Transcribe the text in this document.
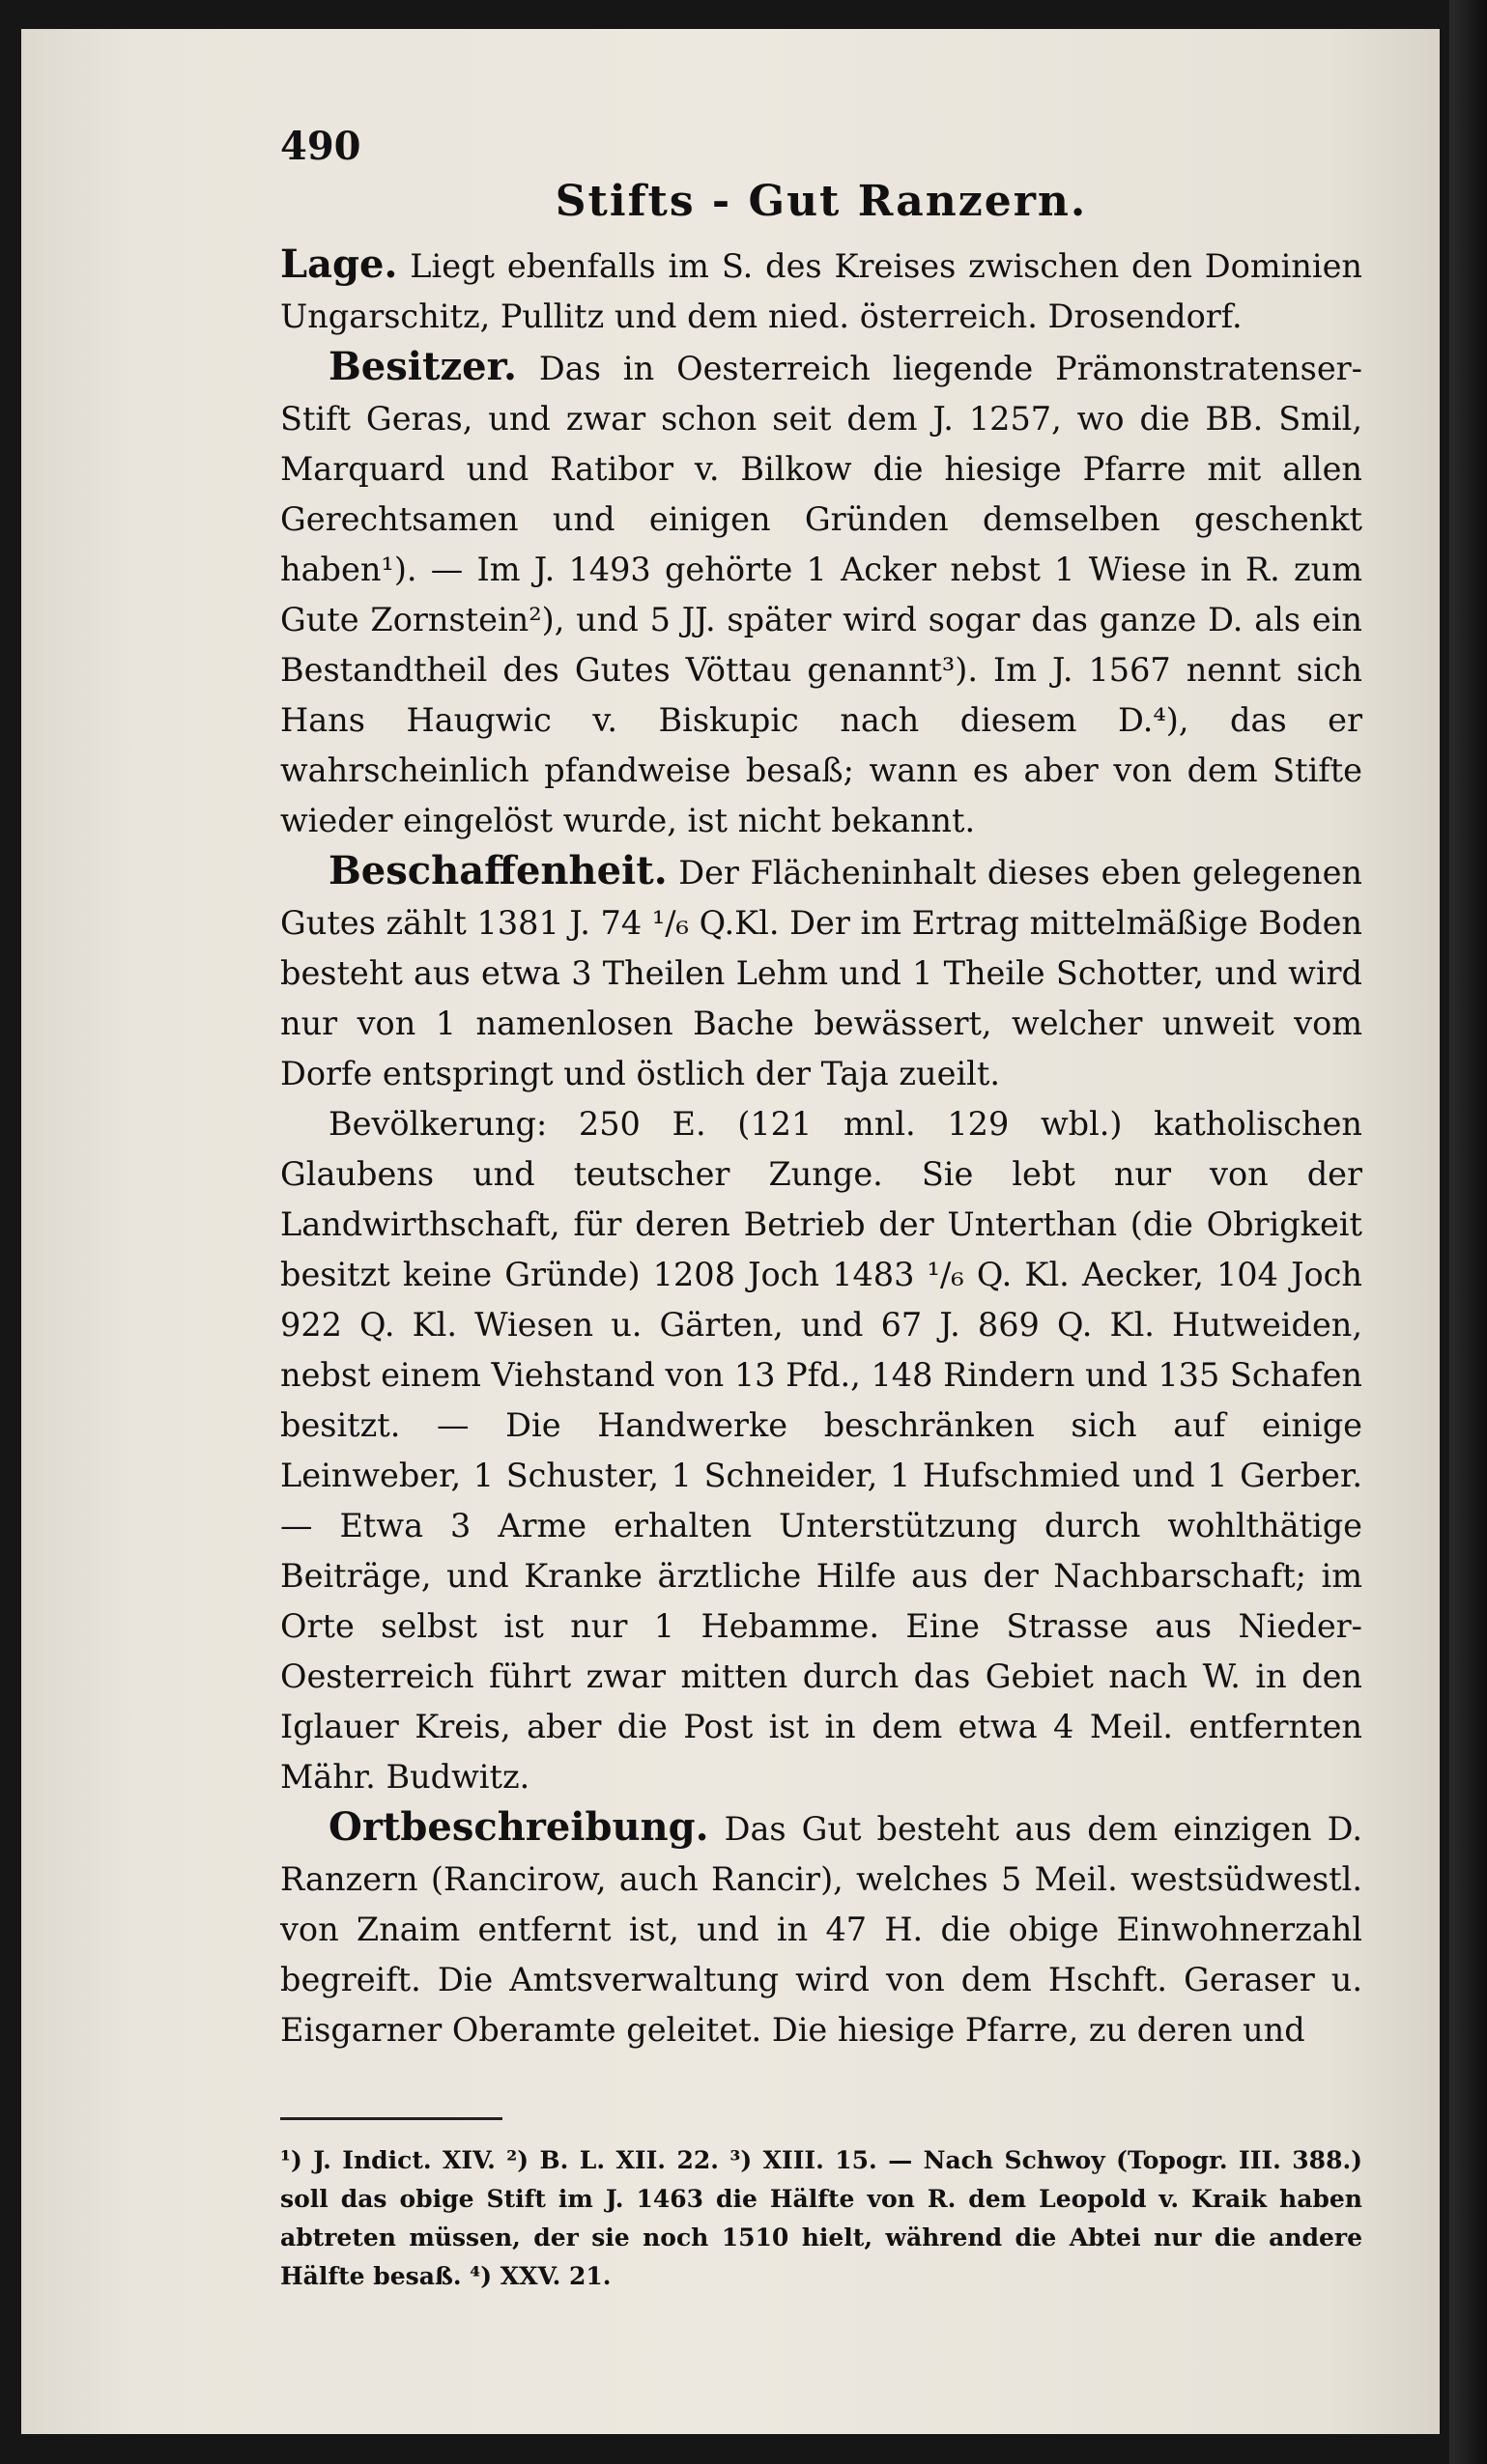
490
Stifts - Gut Ranzern.

Lage. Liegt ebenfalls im S. des Kreises zwischen den Dominien Ungarschitz, Pullitz und dem nied. österreich. Drosendorf.

Besitzer. Das in Oesterreich liegende Prämonstratenser-Stift Geras, und zwar schon seit dem J. 1257, wo die BB. Smil, Marquard und Ratibor v. Bilkow die hiesige Pfarre mit allen Gerechtsamen und einigen Gründen demselben geschenkt haben¹). — Im J. 1493 gehörte 1 Acker nebst 1 Wiese in R. zum Gute Zornstein²), und 5 JJ. später wird sogar das ganze D. als ein Bestandtheil des Gutes Vöttau genannt³). Im J. 1567 nennt sich Hans Haugwic v. Biskupic nach diesem D.⁴), das er wahrscheinlich pfandweise besaß; wann es aber von dem Stifte wieder eingelöst wurde, ist nicht bekannt.

Beschaffenheit. Der Flächeninhalt dieses eben gelegenen Gutes zählt 1381 J. 74 ¹/₆ Q.Kl. Der im Ertrag mittelmäßige Boden besteht aus etwa 3 Theilen Lehm und 1 Theile Schotter, und wird nur von 1 namenlosen Bache bewässert, welcher unweit vom Dorfe entspringt und östlich der Taja zueilt.

Bevölkerung: 250 E. (121 mnl. 129 wbl.) katholischen Glaubens und teutscher Zunge. Sie lebt nur von der Landwirthschaft, für deren Betrieb der Unterthan (die Obrigkeit besitzt keine Gründe) 1208 Joch 1483 ¹/₆ Q. Kl. Aecker, 104 Joch 922 Q. Kl. Wiesen u. Gärten, und 67 J. 869 Q. Kl. Hutweiden, nebst einem Viehstand von 13 Pfd., 148 Rindern und 135 Schafen besitzt. — Die Handwerke beschränken sich auf einige Leinweber, 1 Schuster, 1 Schneider, 1 Hufschmied und 1 Gerber. — Etwa 3 Arme erhalten Unterstützung durch wohlthätige Beiträge, und Kranke ärztliche Hilfe aus der Nachbarschaft; im Orte selbst ist nur 1 Hebamme. Eine Strasse aus Nieder-Oesterreich führt zwar mitten durch das Gebiet nach W. in den Iglauer Kreis, aber die Post ist in dem etwa 4 Meil. entfernten Mähr. Budwitz.

Ortbeschreibung. Das Gut besteht aus dem einzigen D. Ranzern (Rancirow, auch Rancir), welches 5 Meil. westsüdwestl. von Znaim entfernt ist, und in 47 H. die obige Einwohnerzahl begreift. Die Amtsverwaltung wird von dem Hschft. Geraser u. Eisgarner Oberamte geleitet. Die hiesige Pfarre, zu deren und

¹) J. Indict. XIV. ²) B. L. XII. 22. ³) XIII. 15. — Nach Schwoy (Topogr. III. 388.) soll das obige Stift im J. 1463 die Hälfte von R. dem Leopold v. Kraik haben abtreten müssen, der sie noch 1510 hielt, während die Abtei nur die andere Hälfte besaß. ⁴) XXV. 21.
